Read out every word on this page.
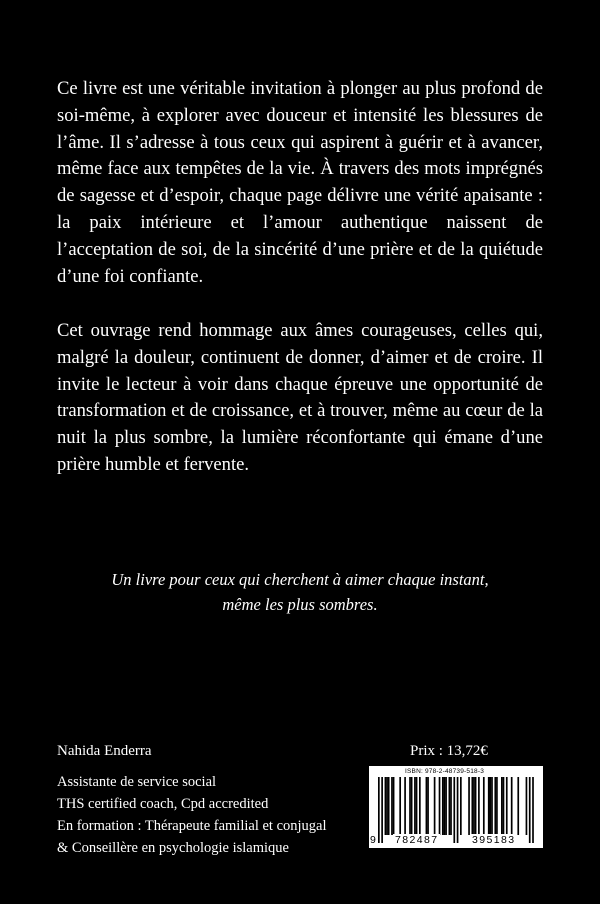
Ce livre est une véritable invitation à plonger au plus profond de soi-même, à explorer avec douceur et intensité les blessures de l’âme. Il s’adresse à tous ceux qui aspirent à guérir et à avancer, même face aux tempêtes de la vie. À travers des mots imprégnés de sagesse et d’espoir, chaque page délivre une vérité apaisante : la paix intérieure et l’amour authentique naissent de l’acceptation de soi, de la sincérité d’une prière et de la quiétude d’une foi confiante.

Cet ouvrage rend hommage aux âmes courageuses, celles qui, malgré la douleur, continuent de donner, d’aimer et de croire. Il invite le lecteur à voir dans chaque épreuve une opportunité de transformation et de croissance, et à trouver, même au cœur de la nuit la plus sombre, la lumière réconfortante qui émane d’une prière humble et fervente.

Un livre pour ceux qui cherchent à aimer chaque instant,
même les plus sombres.
Nahida Enderra
Assistante de service social
THS certified coach, Cpd accredited
En formation : Thérapeute familial et conjugal
& Conseillère en psychologie islamique
Prix : 13,72€
ISBN: 978-2-48739-518-3
9 782487	395183
